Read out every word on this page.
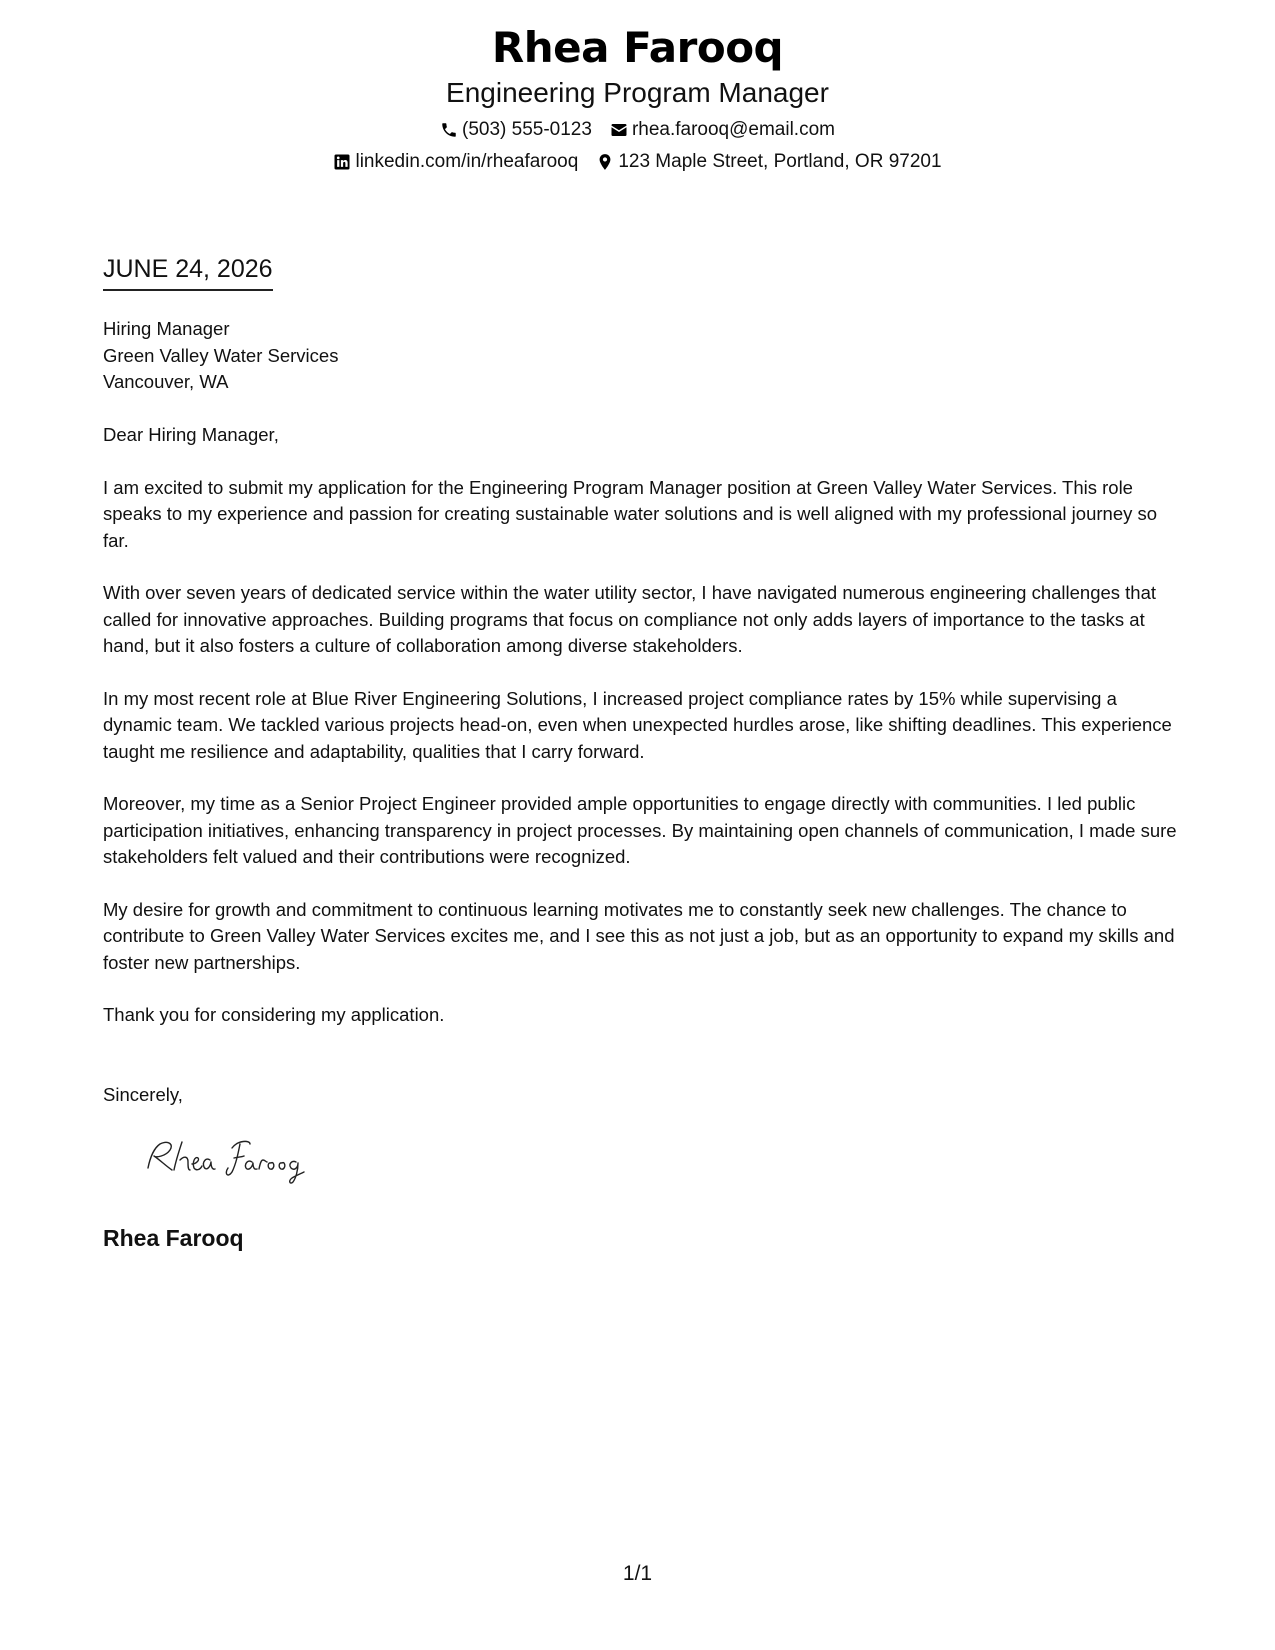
Rhea Farooq
Engineering Program Manager
(503) 555-0123 rhea.farooq@email.com
linkedin.com/in/rheafarooq 123 Maple Street, Portland, OR 97201
JUNE 24, 2026
Hiring Manager
Green Valley Water Services
Vancouver, WA

Dear Hiring Manager,

I am excited to submit my application for the Engineering Program Manager position at Green Valley Water Services. This role speaks to my experience and passion for creating sustainable water solutions and is well aligned with my professional journey so far.

With over seven years of dedicated service within the water utility sector, I have navigated numerous engineering challenges that called for innovative approaches. Building programs that focus on compliance not only adds layers of importance to the tasks at hand, but it also fosters a culture of collaboration among diverse stakeholders.

In my most recent role at Blue River Engineering Solutions, I increased project compliance rates by 15% while supervising a dynamic team. We tackled various projects head-on, even when unexpected hurdles arose, like shifting deadlines. This experience taught me resilience and adaptability, qualities that I carry forward.

Moreover, my time as a Senior Project Engineer provided ample opportunities to engage directly with communities. I led public participation initiatives, enhancing transparency in project processes. By maintaining open channels of communication, I made sure stakeholders felt valued and their contributions were recognized.

My desire for growth and commitment to continuous learning motivates me to constantly seek new challenges. The chance to contribute to Green Valley Water Services excites me, and I see this as not just a job, but as an opportunity to expand my skills and foster new partnerships.

Thank you for considering my application.

Sincerely,
Rhea Farooq
1/1
